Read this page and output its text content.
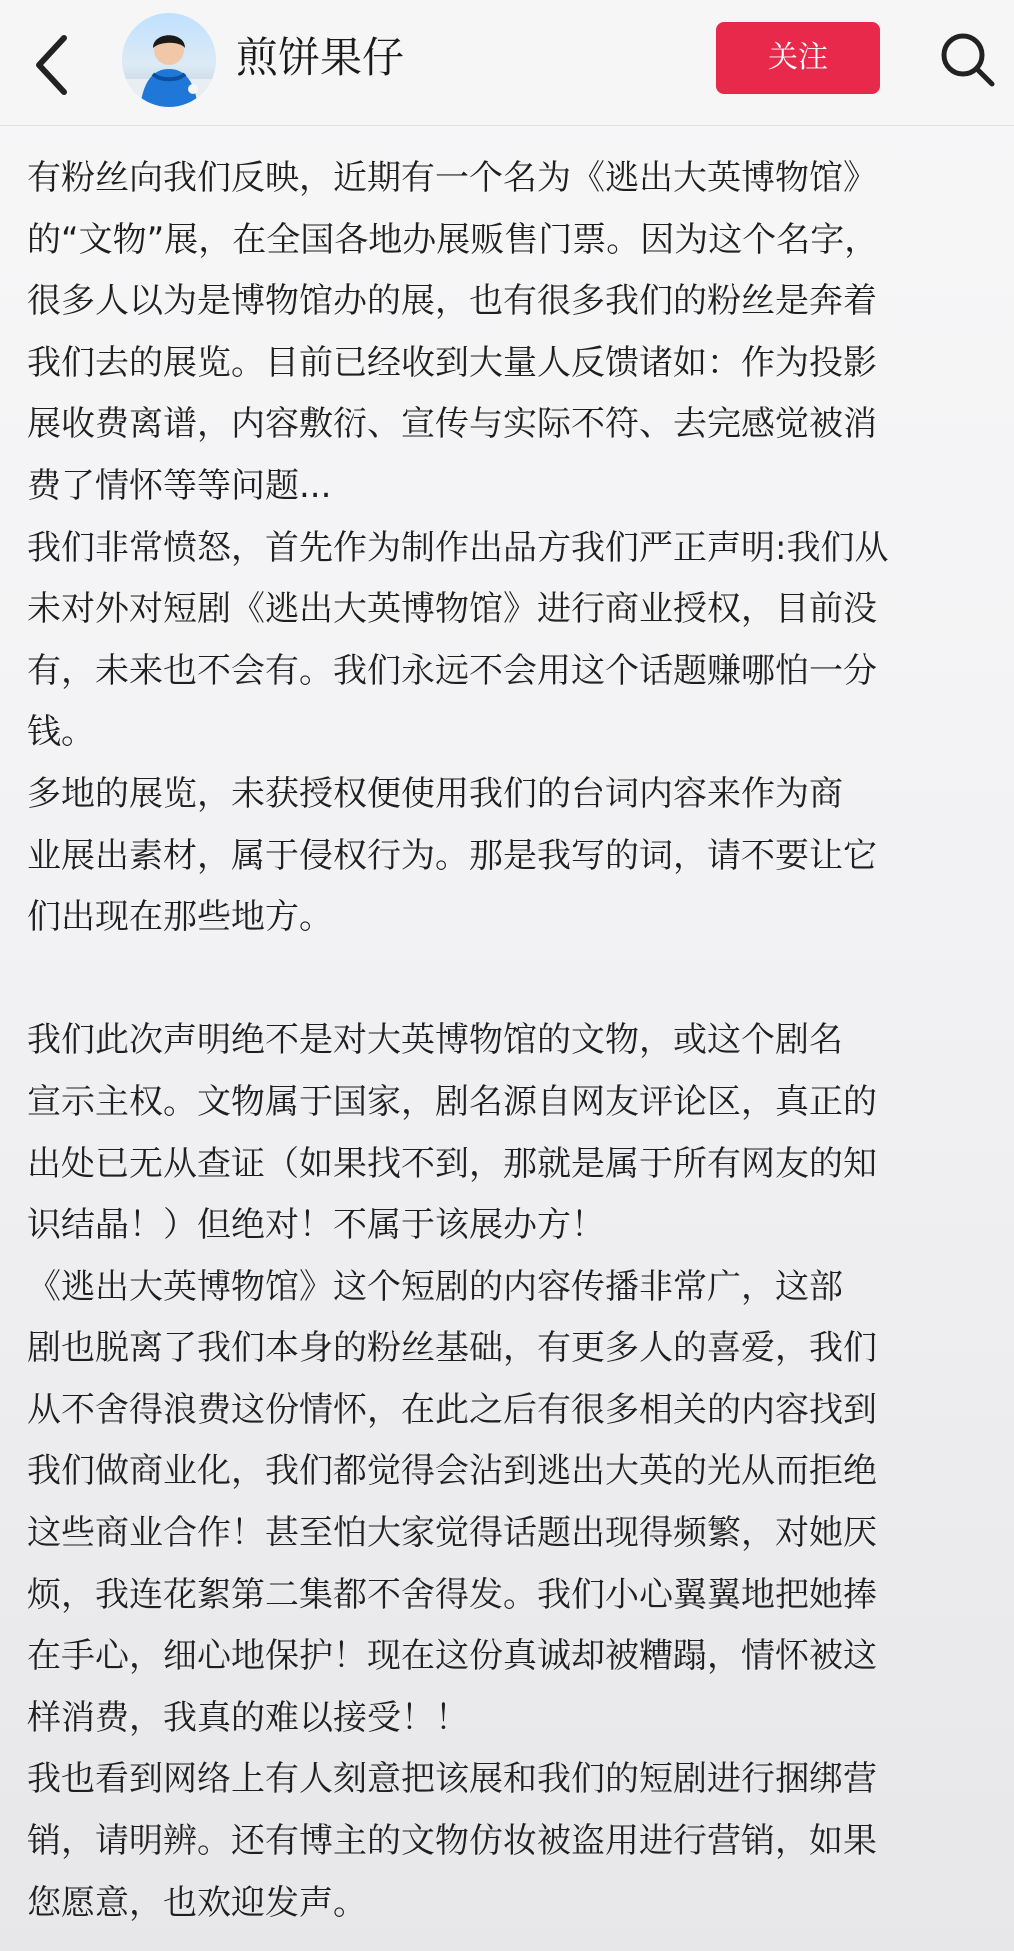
煎饼果仔	关注
有粉丝向我们反映，近期有一个名为《逃出大英博物馆》
的“文物”展，在全国各地办展贩售门票。因为这个名字，
很多人以为是博物馆办的展，也有很多我们的粉丝是奔着
我们去的展览。目前已经收到大量人反馈诸如：作为投影
展收费离谱，内容敷衍、宣传与实际不符、去完感觉被消
费了情怀等等问题...
我们非常愤怒，首先作为制作出品方我们严正声明:我们从
未对外对短剧《逃出大英博物馆》进行商业授权，目前没
有，未来也不会有。我们永远不会用这个话题赚哪怕一分
钱。
多地的展览，未获授权便使用我们的台词内容来作为商
业展出素材，属于侵权行为。那是我写的词，请不要让它
们出现在那些地方。
我们此次声明绝不是对大英博物馆的文物，或这个剧名
宣示主权。文物属于国家，剧名源自网友评论区，真正的
出处已无从查证（如果找不到，那就是属于所有网友的知
识结晶！）但绝对！不属于该展办方！
《逃出大英博物馆》这个短剧的内容传播非常广，这部
剧也脱离了我们本身的粉丝基础，有更多人的喜爱，我们
从不舍得浪费这份情怀，在此之后有很多相关的内容找到
我们做商业化，我们都觉得会沾到逃出大英的光从而拒绝
这些商业合作！甚至怕大家觉得话题出现得频繁，对她厌
烦，我连花絮第二集都不舍得发。我们小心翼翼地把她捧
在手心，细心地保护！现在这份真诚却被糟蹋，情怀被这
样消费，我真的难以接受！！
我也看到网络上有人刻意把该展和我们的短剧进行捆绑营
销，请明辨。还有博主的文物仿妆被盗用进行营销，如果
您愿意，也欢迎发声。
